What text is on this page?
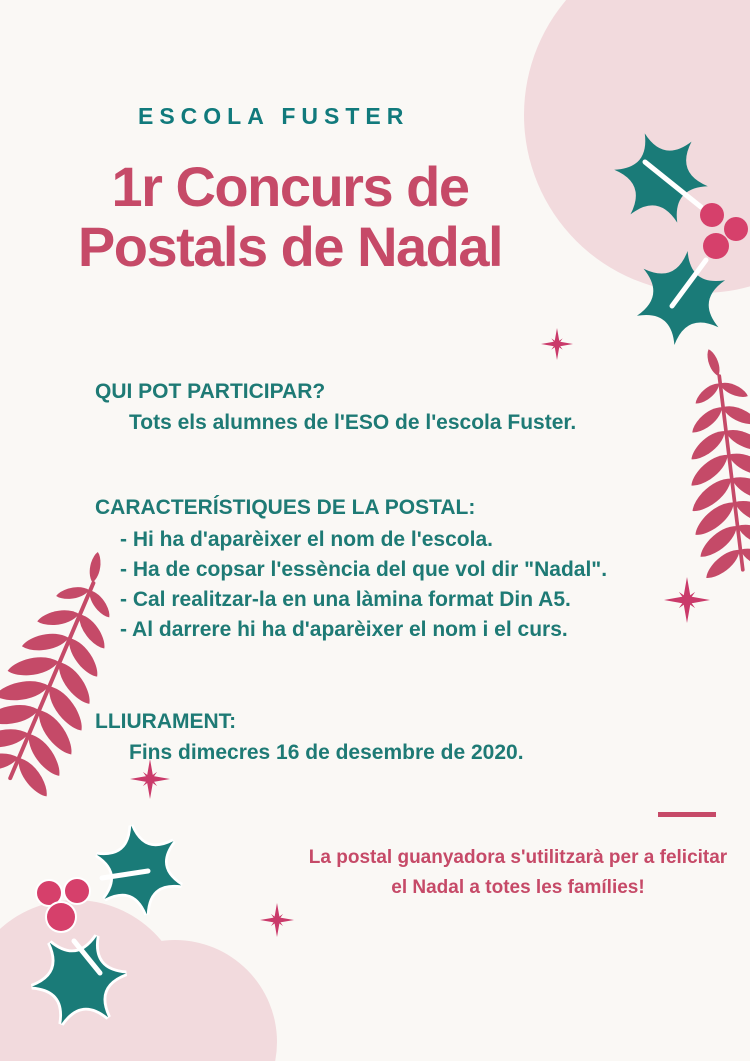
ESCOLA FUSTER
1r Concurs de
Postals de Nadal
QUI POT PARTICIPAR?
Tots els alumnes de l'ESO de l'escola Fuster.
CARACTERÍSTIQUES DE LA POSTAL:
- Hi ha d'aparèixer el nom de l'escola.
- Ha de copsar l'essència del que vol dir "Nadal".
- Cal realitzar-la en una làmina format Din A5.
- Al darrere hi ha d'aparèixer el nom i el curs.
LLIURAMENT:
Fins dimecres 16 de desembre de 2020.
La postal guanyadora s'utilitzarà per a felicitar el Nadal a totes les famílies!
